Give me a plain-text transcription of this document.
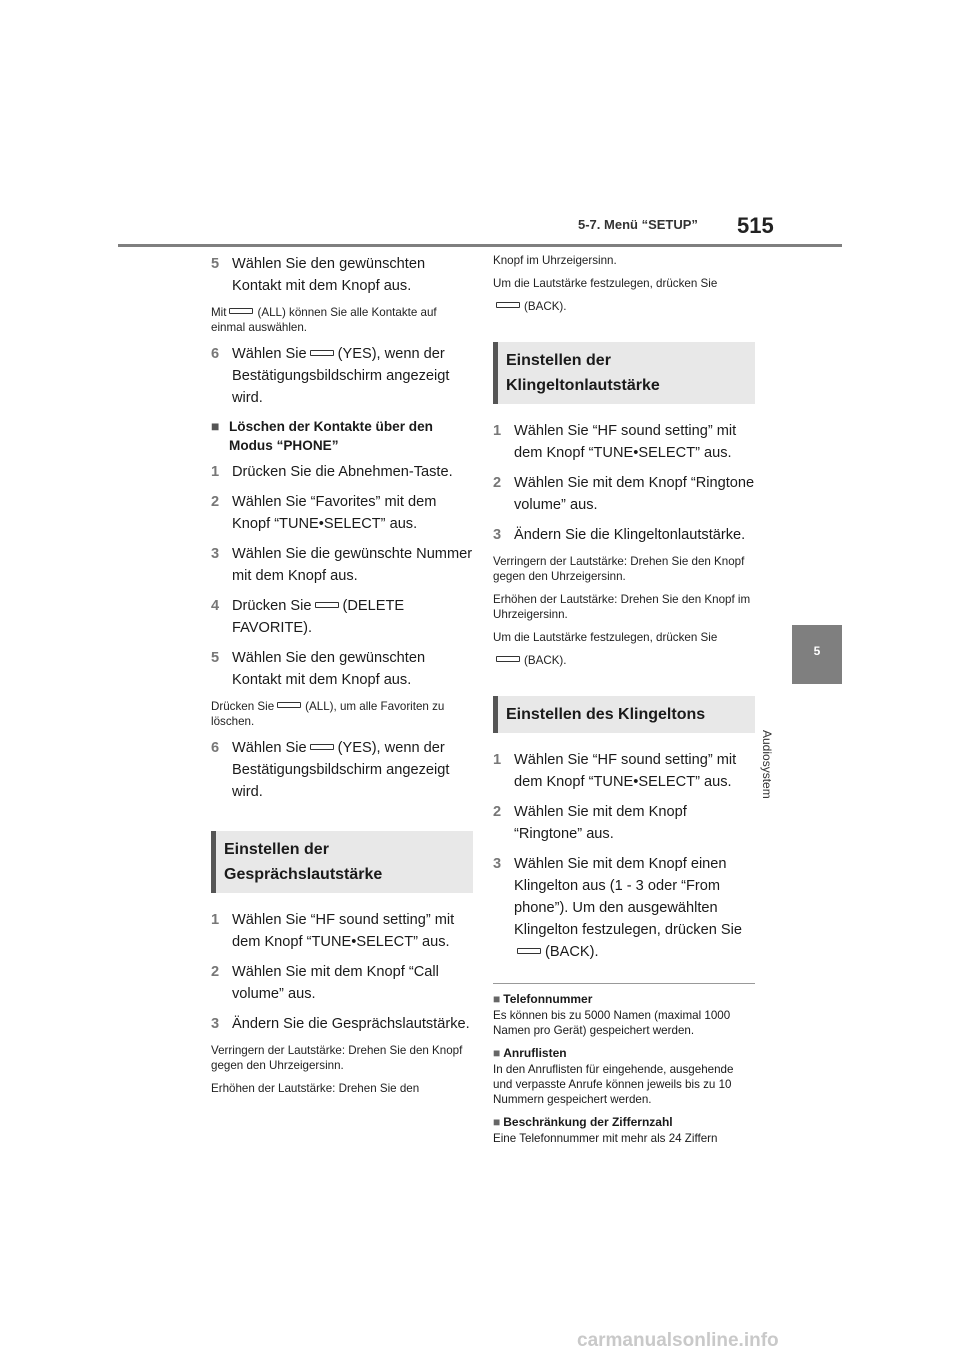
5-7. Menü “SETUP” 515
5
Audiosystem
5 Wählen Sie den gewünschten Kontakt mit dem Knopf aus.
Mit	(ALL) können Sie alle Kontakte auf einmal auswählen.
6 Wählen Sie (YES), wenn der Bestätigungsbildschirm angezeigt wird.
■ Löschen der Kontakte über den Modus “PHONE”
1 Drücken Sie die Abnehmen-Taste.
2 Wählen Sie “Favorites” mit dem Knopf “TUNE•SELECT” aus.
3 Wählen Sie die gewünschte Nummer mit dem Knopf aus.
4 Drücken Sie (DELETE FAVORITE).
5 Wählen Sie den gewünschten Kontakt mit dem Knopf aus.
Drücken Sie	(ALL), um alle Favoriten zu löschen.
6 Wählen Sie (YES), wenn der Bestätigungsbildschirm angezeigt wird.
Einstellen der Gesprächslautstärke
1 Wählen Sie “HF sound setting” mit dem Knopf “TUNE•SELECT” aus.
2 Wählen Sie mit dem Knopf “Call volume” aus.
3 Ändern Sie die Gesprächslautstärke.
Verringern der Lautstärke: Drehen Sie den Knopf gegen den Uhrzeigersinn.
Erhöhen der Lautstärke: Drehen Sie den
Knopf im Uhrzeigersinn.
Um die Lautstärke festzulegen, drücken Sie
(BACK).
Einstellen der Klingeltonlautstärke
1 Wählen Sie “HF sound setting” mit dem Knopf “TUNE•SELECT” aus.
2 Wählen Sie mit dem Knopf “Ringtone volume” aus.
3 Ändern Sie die Klingeltonlautstärke.
Verringern der Lautstärke: Drehen Sie den Knopf gegen den Uhrzeigersinn.
Erhöhen der Lautstärke: Drehen Sie den Knopf im Uhrzeigersinn.
Um die Lautstärke festzulegen, drücken Sie
(BACK).
Einstellen des Klingeltons
1 Wählen Sie “HF sound setting” mit dem Knopf “TUNE•SELECT” aus.
2 Wählen Sie mit dem Knopf “Ringtone” aus.
3 Wählen Sie mit dem Knopf einen Klingelton aus (1 - 3 oder “From phone”). Um den ausgewählten Klingelton festzulegen, drücken Sie
(BACK).
■ Telefonnummer
Es können bis zu 5000 Namen (maximal 1000 Namen pro Gerät) gespeichert werden.
■ Anruflisten
In den Anruflisten für eingehende, ausgehende und verpasste Anrufe können jeweils bis zu 10 Nummern gespeichert werden.
■ Beschränkung der Ziffernzahl
Eine Telefonnummer mit mehr als 24 Ziffern
carmanualsonline.info
